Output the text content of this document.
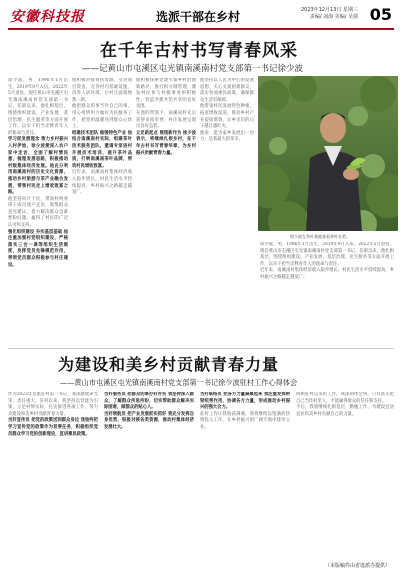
安徽科技报	选派干部在乡村	2023年12月13日 星期三
责编/ 刘海 美编/ 吴倩 05
在千年古村书写青春风采
——记黄山市屯溪区屯光镇南溪南村党支部第一书记徐少波

徐少波，男，1996年1月出生，2019年9月入伍，2022年5月退役，现任黄山市屯溪区屯光镇南溪南村党支部第一书记。任职以来，他扎根基层，围绕组织建设、产业发展、基层治理、民生服务等方面开展工作，以实干担当诠释青年人的使命与责任。

学习促发展理念 致力乡村振兴 入村伊始，徐少波便深入农户家中走访，全面了解村情民意，梳理发展思路，积极推动村级集体经济发展。他充分利用南溪南村的历史文化资源，推动乡村旅游与茶产业融合发展，带领村民走上增收致富之路。

他坚持问计于民，带领村两委班子成员逐户走访，收集群众意见建议，着力解决群众急难愁盼问题，赢得了村民的广泛认可和支持。

强化组织建设 夯实基层基础 他注重加强村党组织建设，严格落实三会一课等组织生活制度，发挥党员先锋模范作用，带领党员群众积极参与村庄建设。

他积极对接帮扶资源，引进项目资金，完善村内基础设施，改善人居环境，让村庄面貌焕然一新。

他把群众的事当作自己的事，用心用情用力做好为民服务工作，把党的温暖送到群众心坎上。

组建技术团队 做强特色产业 他结合南溪南村实际，组建茶叶技术服务团队，邀请专家进村开展技术培训，提升茶叶品质，打响南溪南茶叶品牌，带动村民增收致富。

近年来，南溪南村集体经济收入稳步增长，村民生活水平持续提高，乡村振兴之路越走越宽广。

他积极探索党建引领乡村治理新路径，推行积分制管理，激发村民参与村级事务的积极性，营造共建共治共享的良好氛围。

在他的带领下，南溪南村先后获得多项荣誉，村庄发展呈现出良好态势。

立足新起点 展现新作为 徐少波表示，将继续扎根乡村，在千年古村书写青春华章，为乡村振兴贡献青春力量。

他坚持以人民为中心的发展思想，关心关爱困难群众，落实各项惠民政策，确保群众生活有保障。

他带领村民发展特色种植，拓宽增收渠道，推动乡村产业提质增效，让乡亲们的日子越过越红火。

他说：能为家乡发展出一份力，是我最大的荣幸。

徐少波，男，1996年1月出生，2019年9月入伍，2022年5月退役，现任黄山市屯溪区屯光镇南溪南村党支部第一书记。任职以来，他扎根基层，围绕组织建设、产业发展、基层治理、民生服务等方面开展工作，以实干担当诠释青年人的使命与责任。

近年来，南溪南村集体经济收入稳步增长，村民生活水平持续提高，乡村振兴之路越走越宽广。

徐少波在茶叶基地查看茶叶长势。
为建设和美乡村贡献青春力量
——黄山市屯溪区屯光镇南溪南村党支部第一书记徐少波驻村工作心得体会

作为2023年选派驻村第一书记，我深感使命光荣、责任重大。驻村以来，我坚持以党建为引领，立足村情实际，扎实推进各项工作，努力为建设和美乡村贡献青春力量。

当好宣传员 把党的政策送到群众身边 我始终把学习宣传党的政策作为首要任务，积极组织党员群众学习党的创新理论，宣讲惠民政策。

当好服务员 把群众的事办好办实 我坚持深入群众，了解群众所思所盼，切实帮助群众解决实际困难，做群众的贴心人。

当好领航员 把产业发展抓实抓好 我充分发挥自身优势，积极对接各类资源，推动村集体经济发展壮大。

当好联络员 把各方力量凝聚起来 我注重发挥桥梁纽带作用，协调各方力量，形成推动乡村振兴的强大合力。

驻村工作让我收获满满，我将继续以饱满的热情投入工作，在乡村振兴的广阔天地中建功立业。

回顾驻村以来的工作，我深刻体会到，只有真正把自己当作村里人，才能赢得群众的信任和支持。

今后，我将继续扎根基层，勤勉工作，为建设宜居宜业和美乡村贡献自己的力量。

（本版稿件由省选派办提供）
